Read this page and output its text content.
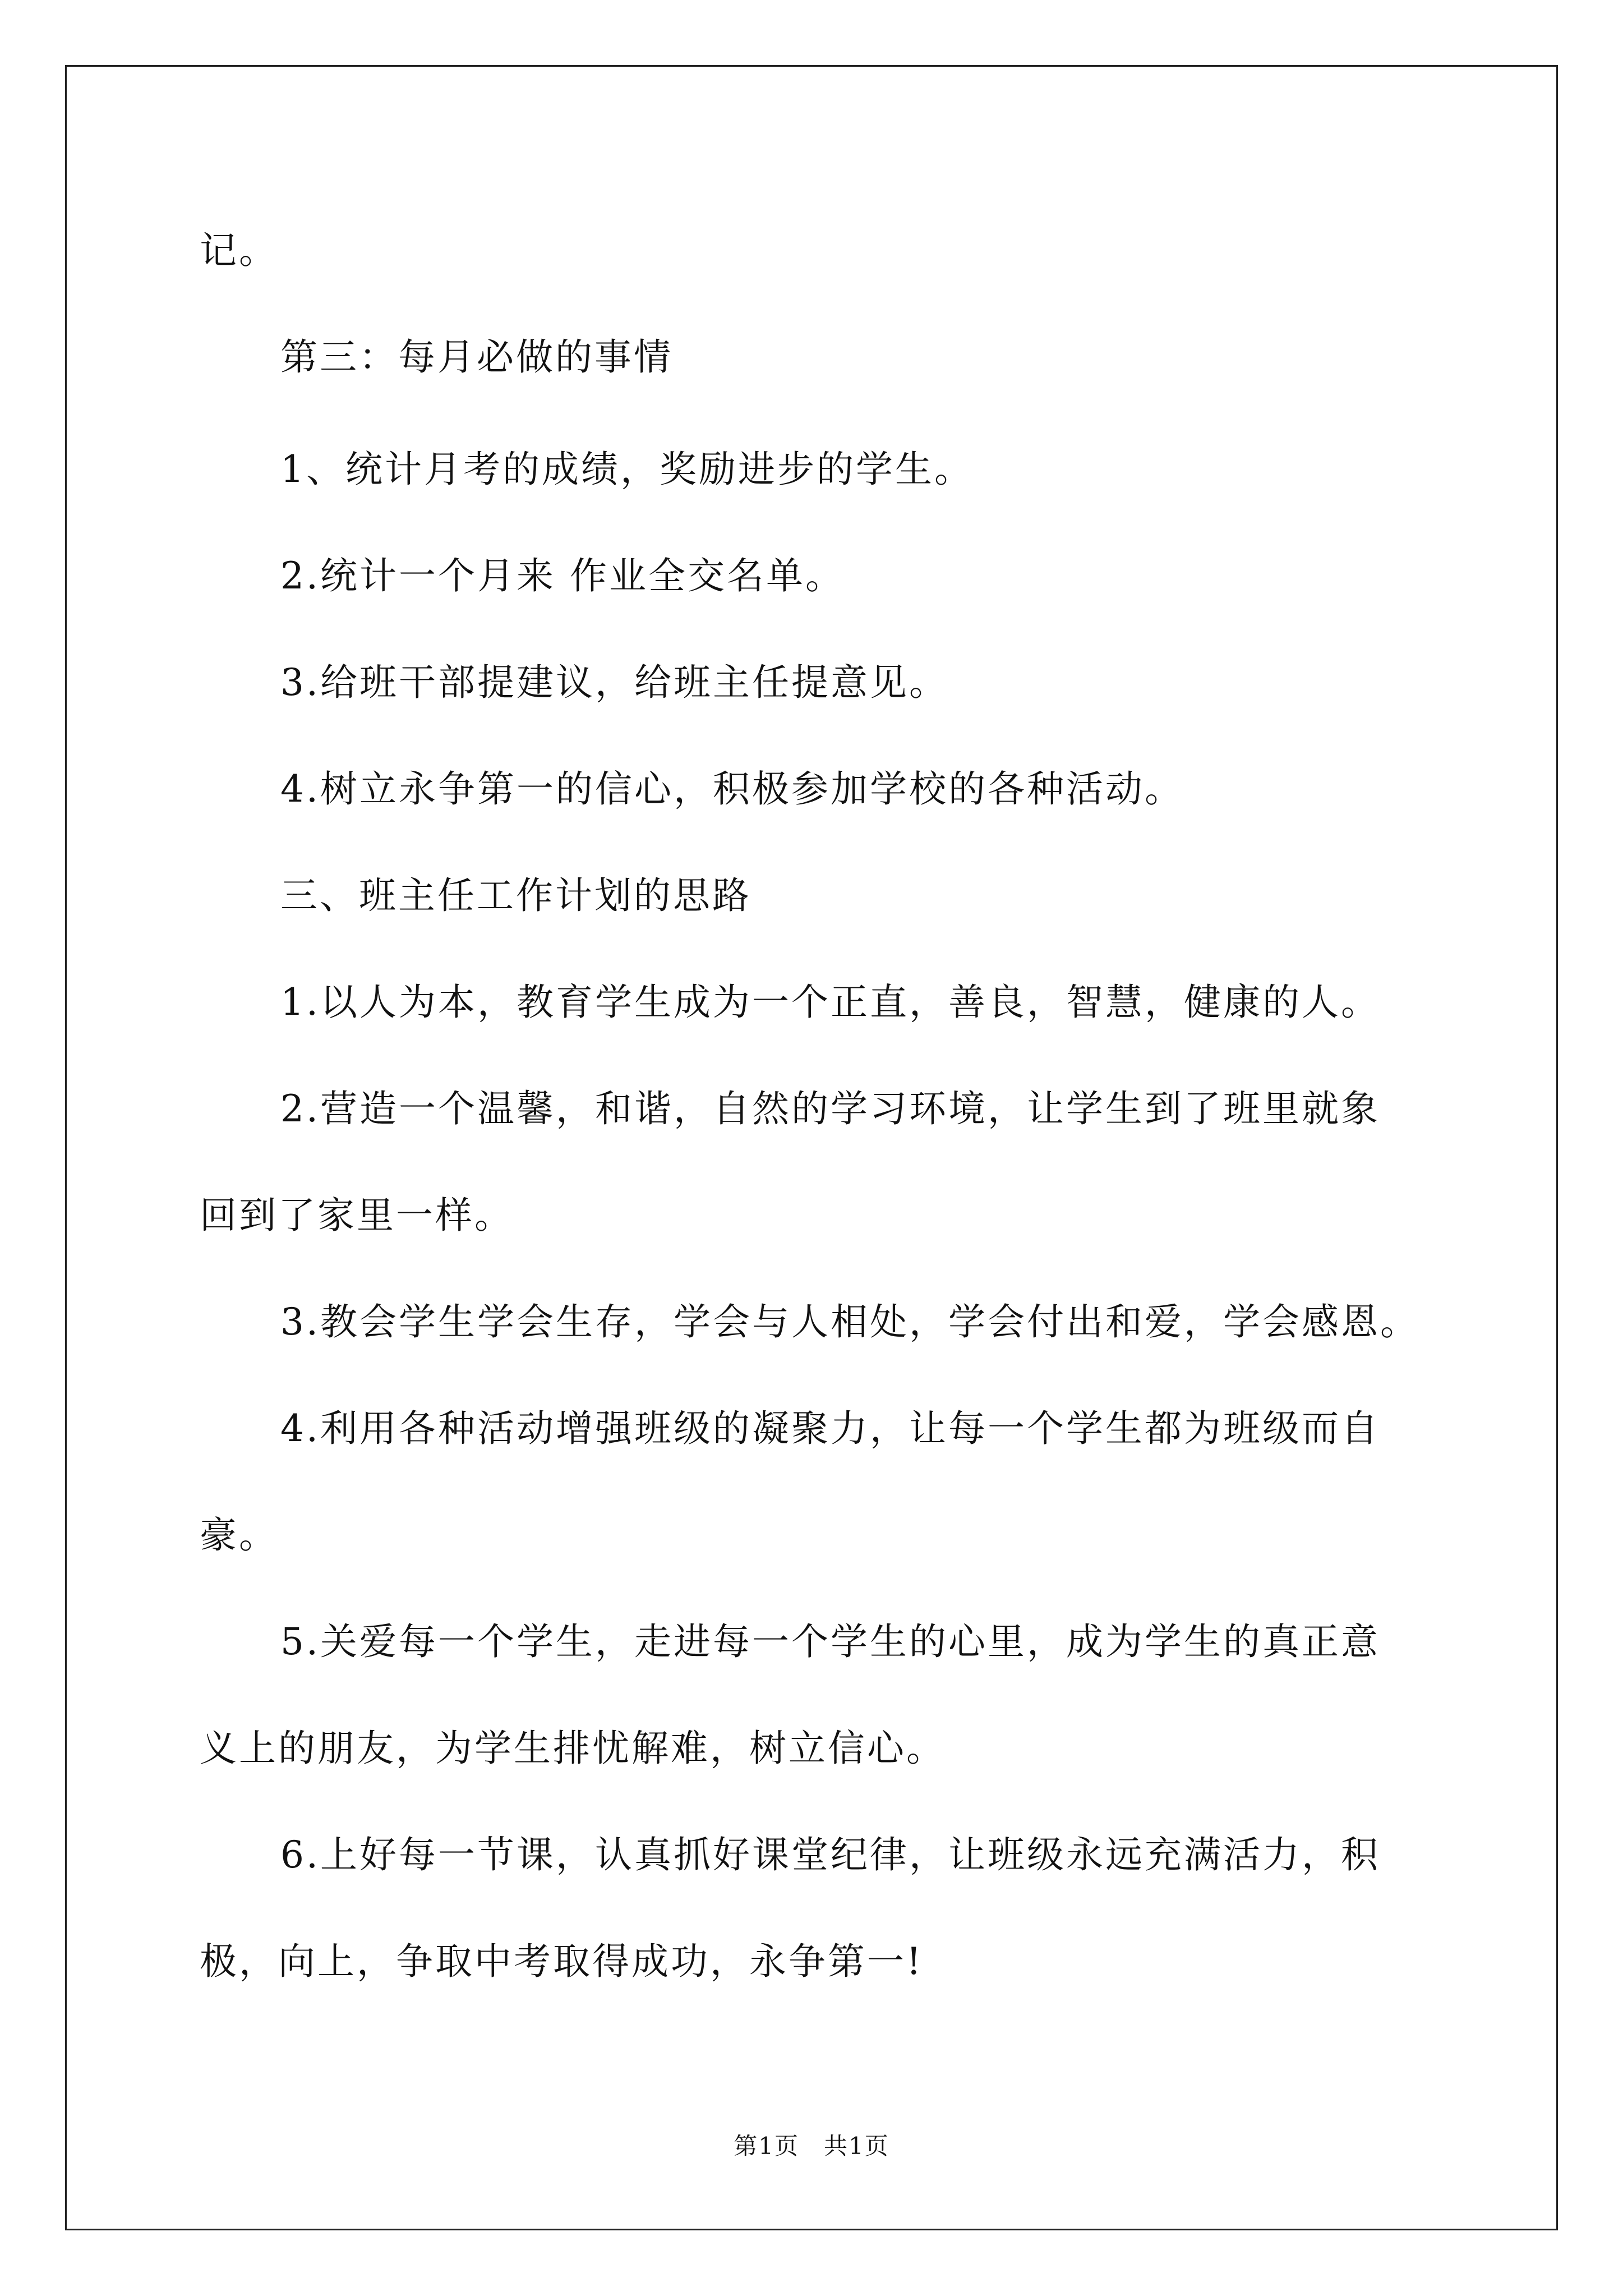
记。

第三：每月必做的事情

1、统计月考的成绩，奖励进步的学生。

2.统计一个月来 作业全交名单。

3.给班干部提建议，给班主任提意见。

4.树立永争第一的信心，积极参加学校的各种活动。

三、班主任工作计划的思路

1.以人为本，教育学生成为一个正直，善良，智慧，健康的人。

2.营造一个温馨，和谐，自然的学习环境，让学生到了班里就象

回到了家里一样。

3.教会学生学会生存，学会与人相处，学会付出和爱，学会感恩。

4.利用各种活动增强班级的凝聚力，让每一个学生都为班级而自

豪。

5.关爱每一个学生，走进每一个学生的心里，成为学生的真正意

义上的朋友，为学生排忧解难，树立信心。

6.上好每一节课，认真抓好课堂纪律，让班级永远充满活力，积

极，向上，争取中考取得成功，永争第一!

第1页　共1页
